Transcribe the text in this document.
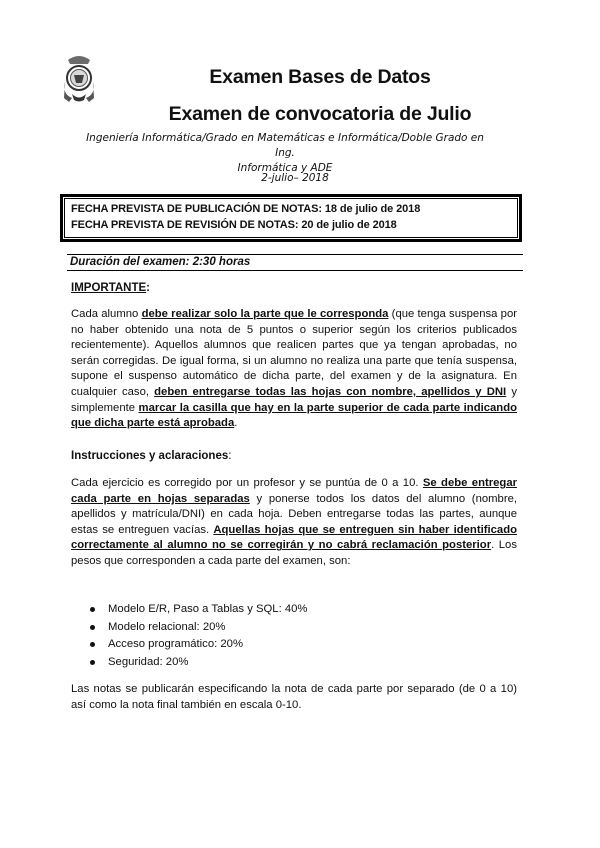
Examen Bases de Datos
Examen de convocatoria de Julio
Ingeniería Informática/Grado en Matemáticas e Informática/Doble Grado en Ing.
Informática y ADE
2-julio– 2018
FECHA PREVISTA DE PUBLICACIÓN DE NOTAS: 18 de julio de 2018
FECHA PREVISTA DE REVISIÓN DE NOTAS: 20 de julio de 2018
Duración del examen: 2:30 horas
IMPORTANTE:
Cada alumno debe realizar solo la parte que le corresponda (que tenga suspensa por no haber obtenido una nota de 5 puntos o superior según los criterios publicados recientemente). Aquellos alumnos que realicen partes que ya tengan aprobadas, no serán corregidas. De igual forma, si un alumno no realiza una parte que tenía suspensa, supone el suspenso automático de dicha parte, del examen y de la asignatura. En cualquier caso, deben entregarse todas las hojas con nombre, apellidos y DNI y simplemente marcar la casilla que hay en la parte superior de cada parte indicando que dicha parte está aprobada.
Instrucciones y aclaraciones:
Cada ejercicio es corregido por un profesor y se puntúa de 0 a 10. Se debe entregar cada parte en hojas separadas y ponerse todos los datos del alumno (nombre, apellidos y matrícula/DNI) en cada hoja. Deben entregarse todas las partes, aunque estas se entreguen vacías. Aquellas hojas que se entreguen sin haber identificado correctamente al alumno no se corregirán y no cabrá reclamación posterior. Los pesos que corresponden a cada parte del examen, son:
Modelo E/R, Paso a Tablas y SQL: 40%
Modelo relacional: 20%
Acceso programático: 20%
Seguridad: 20%
Las notas se publicarán especificando la nota de cada parte por separado (de 0 a 10) así como la nota final también en escala 0-10.
